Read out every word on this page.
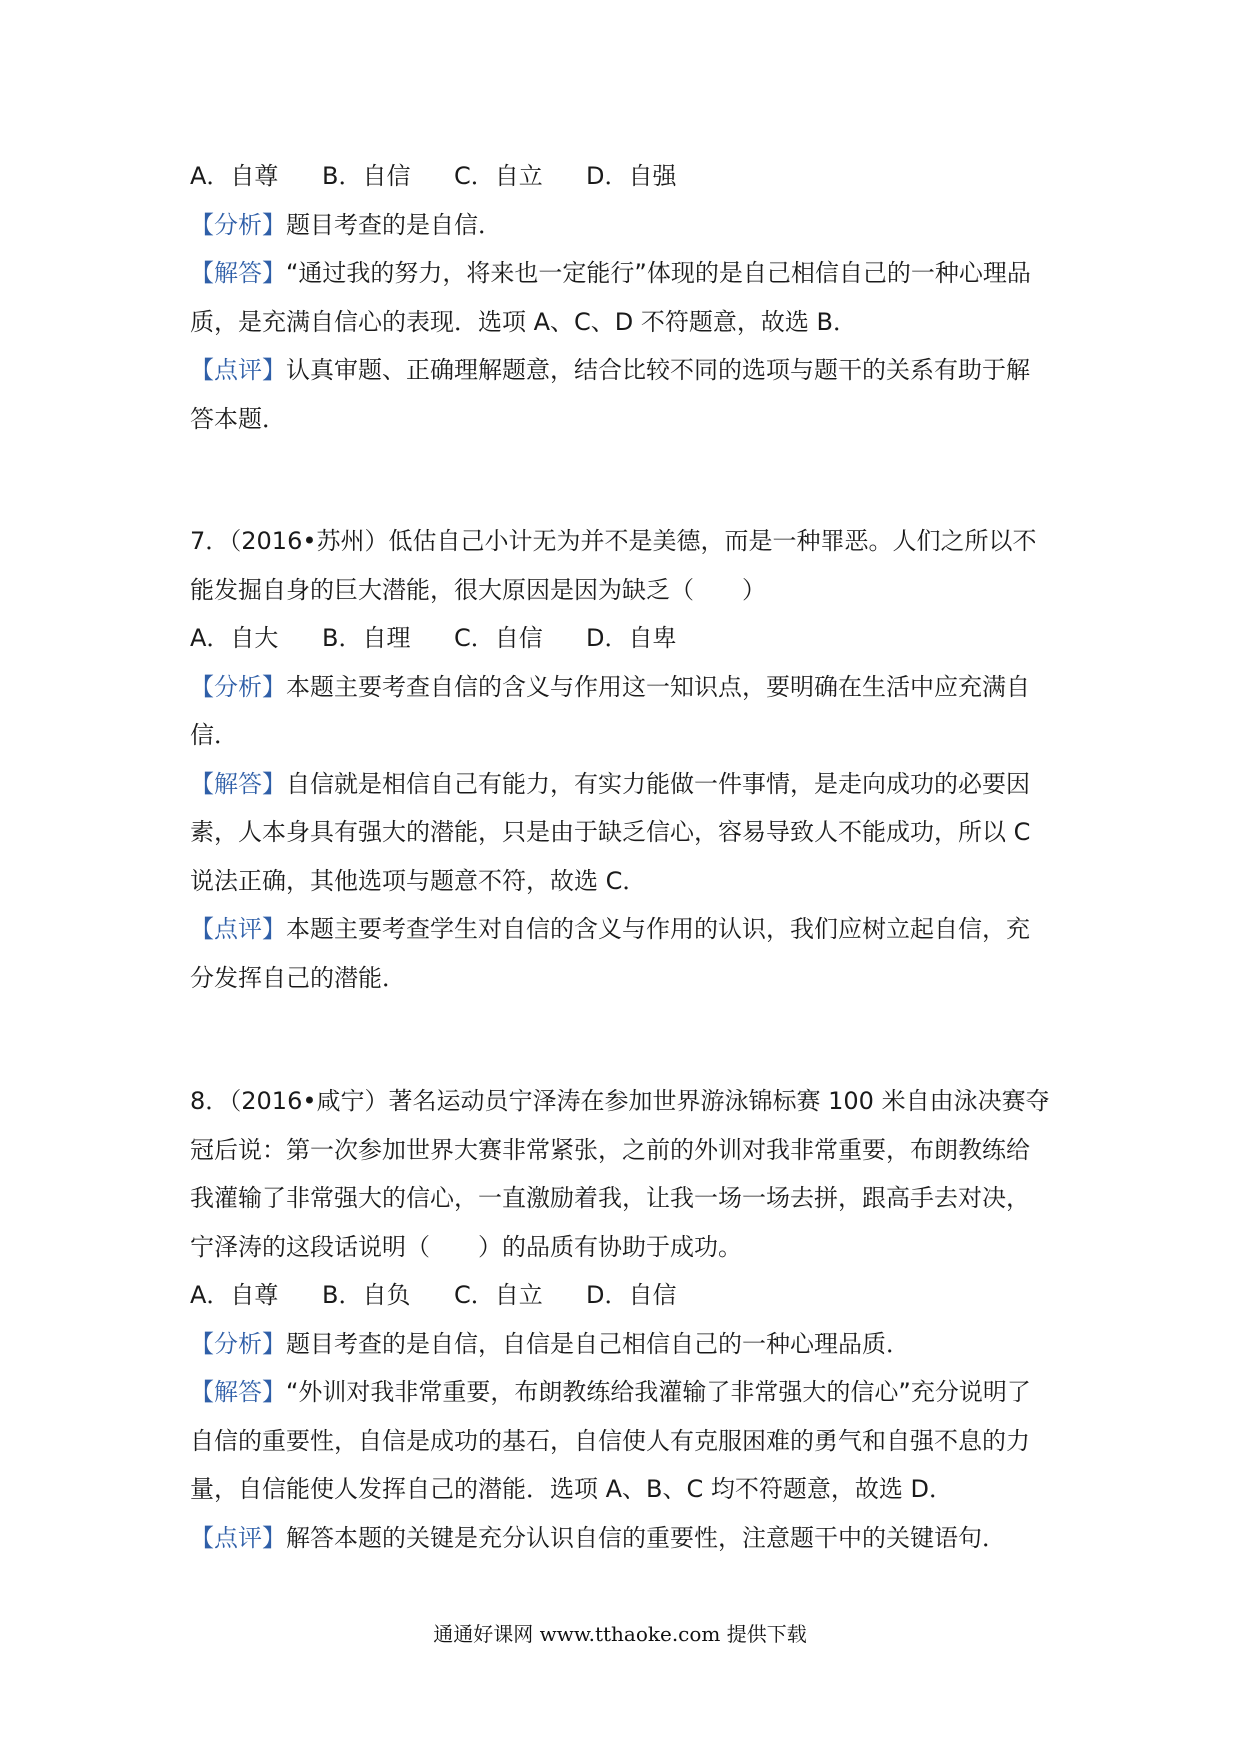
A．自尊	B．自信	C．自立	D．自强
【分析】题目考查的是自信．
【解答】“通过我的努力，将来也一定能行”体现的是自己相信自己的一种心理品
质，是充满自信心的表现．选项 A、C、D 不符题意，故选 B．
【点评】认真审题、正确理解题意，结合比较不同的选项与题干的关系有助于解
答本题．
7．（2016•苏州）低估自己小计无为并不是美德，而是一种罪恶。人们之所以不
能发掘自身的巨大潜能，很大原因是因为缺乏（　　）
A．自大	B．自理	C．自信	D．自卑
【分析】本题主要考查自信的含义与作用这一知识点，要明确在生活中应充满自
信．
【解答】自信就是相信自己有能力，有实力能做一件事情，是走向成功的必要因
素，人本身具有强大的潜能，只是由于缺乏信心，容易导致人不能成功，所以 C
说法正确，其他选项与题意不符，故选 C．
【点评】本题主要考查学生对自信的含义与作用的认识，我们应树立起自信，充
分发挥自己的潜能．
8．（2016•咸宁）著名运动员宁泽涛在参加世界游泳锦标赛 100 米自由泳决赛夺
冠后说：第一次参加世界大赛非常紧张，之前的外训对我非常重要，布朗教练给
我灌输了非常强大的信心，一直激励着我，让我一场一场去拼，跟高手去对决，
宁泽涛的这段话说明（　　）的品质有协助于成功。
A．自尊	B．自负	C．自立	D．自信
【分析】题目考查的是自信，自信是自己相信自己的一种心理品质．
【解答】“外训对我非常重要，布朗教练给我灌输了非常强大的信心”充分说明了
自信的重要性，自信是成功的基石，自信使人有克服困难的勇气和自强不息的力
量，自信能使人发挥自己的潜能．选项 A、B、C 均不符题意，故选 D．
【点评】解答本题的关键是充分认识自信的重要性，注意题干中的关键语句．
通通好课网 www.tthaoke.com 提供下载
